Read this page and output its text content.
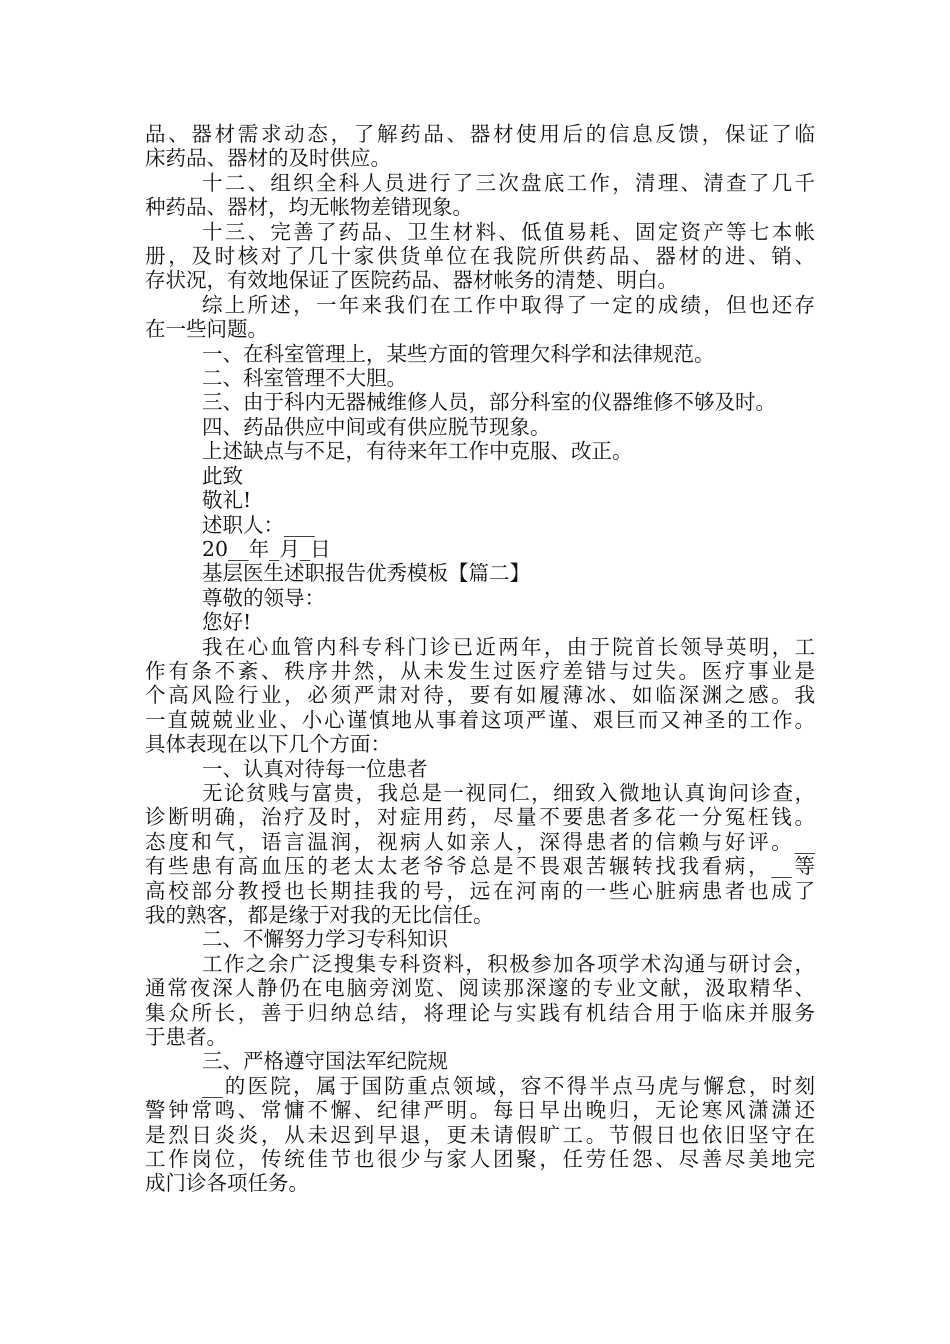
品、器材需求动态，了解药品、器材使用后的信息反馈，保证了临
床药品、器材的及时供应。
十二、组织全科人员进行了三次盘底工作，清理、清查了几千
种药品、器材，均无帐物差错现象。
十三、完善了药品、卫生材料、低值易耗、固定资产等七本帐
册，及时核对了几十家供货单位在我院所供药品、器材的进、销、
存状况，有效地保证了医院药品、器材帐务的清楚、明白。
综上所述，一年来我们在工作中取得了一定的成绩，但也还存
在一些问题。
一、在科室管理上，某些方面的管理欠科学和法律规范。
二、科室管理不大胆。
三、由于科内无器械维修人员，部分科室的仪器维修不够及时。
四、药品供应中间或有供应脱节现象。
上述缺点与不足，有待来年工作中克服、改正。
此致
敬礼!
述职人：___
20__年_月_日
基层医生述职报告优秀模板【篇二】
尊敬的领导：
您好!
我在心血管内科专科门诊已近两年，由于院首长领导英明，工
作有条不紊、秩序井然，从未发生过医疗差错与过失。医疗事业是
个高风险行业，必须严肃对待，要有如履薄冰、如临深渊之感。我
一直兢兢业业、小心谨慎地从事着这项严谨、艰巨而又神圣的工作。
具体表现在以下几个方面：
一、认真对待每一位患者
无论贫贱与富贵，我总是一视同仁，细致入微地认真询问诊查，
诊断明确，治疗及时，对症用药，尽量不要患者多花一分冤枉钱。
态度和气，语言温润，视病人如亲人，深得患者的信赖与好评。__
有些患有高血压的老太太老爷爷总是不畏艰苦辗转找我看病，__等
高校部分教授也长期挂我的号，远在河南的一些心脏病患者也成了
我的熟客，都是缘于对我的无比信任。
二、不懈努力学习专科知识
工作之余广泛搜集专科资料，积极参加各项学术沟通与研讨会，
通常夜深人静仍在电脑旁浏览、阅读那深邃的专业文献，汲取精华、
集众所长，善于归纳总结，将理论与实践有机结合用于临床并服务
于患者。
三、严格遵守国法军纪院规
__的医院，属于国防重点领域，容不得半点马虎与懈怠，时刻
警钟常鸣、常慵不懈、纪律严明。每日早出晚归，无论寒风潇潇还
是烈日炎炎，从未迟到早退，更未请假旷工。节假日也依旧坚守在
工作岗位，传统佳节也很少与家人团聚，任劳任怨、尽善尽美地完
成门诊各项任务。
